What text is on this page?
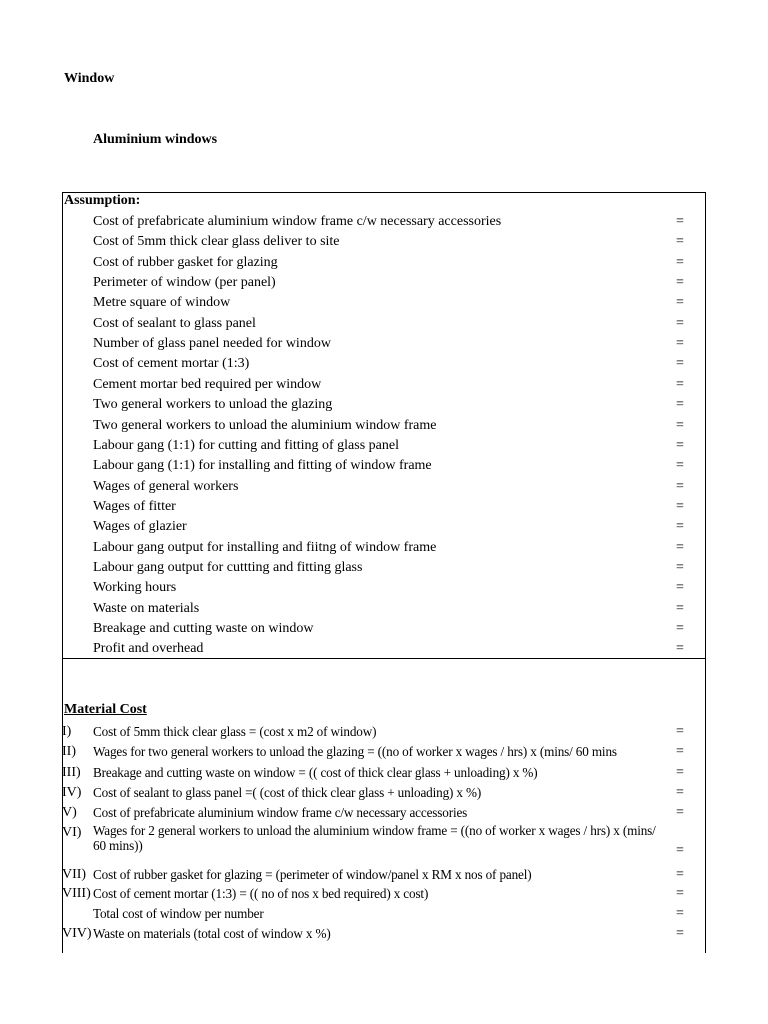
Window
Aluminium windows
Assumption:
Cost of prefabricate aluminium window frame c/w necessary accessories	=
Cost of 5mm thick clear glass deliver to site	=
Cost of rubber gasket for glazing	=
Perimeter of window (per panel)	=
Metre square of window	=
Cost of sealant to glass panel	=
Number of glass panel needed for window	=
Cost of cement mortar (1:3)	=
Cement mortar bed required per window	=
Two general workers to unload the glazing	=
Two general workers to unload the aluminium window frame	=
Labour gang (1:1) for cutting and fitting of glass panel	=
Labour gang (1:1) for installing and fitting of window frame	=
Wages of general workers	=
Wages of fitter	=
Wages of glazier	=
Labour gang output for installing and fiitng of window frame	=
Labour gang output for cuttting and fitting glass	=
Working hours	=
Waste on materials	=
Breakage and cutting waste on window	=
Profit and overhead	=
Material Cost
I) Cost of 5mm thick clear glass = (cost x m2 of window)	=
II) Wages for two general workers to unload the glazing = ((no of worker x wages / hrs) x (mins/ 60 mins	=
III) Breakage and cutting waste on window = (( cost of thick clear glass + unloading) x %)	=
IV) Cost of sealant to glass panel =( (cost of thick clear glass + unloading) x %)	=
V) Cost of prefabricate aluminium window frame c/w necessary accessories	=
VI) Wages for 2 general workers to unload the aluminium window frame = ((no of worker x wages / hrs) x (mins/ 60 mins))	=
VII) Cost of rubber gasket for glazing = (perimeter of window/panel x RM x nos of panel)	=
VIII) Cost of cement mortar (1:3) = (( no of nos x bed required) x cost)	=
Total cost of window per number	=
VIV) Waste on materials (total cost of window x %)	=
